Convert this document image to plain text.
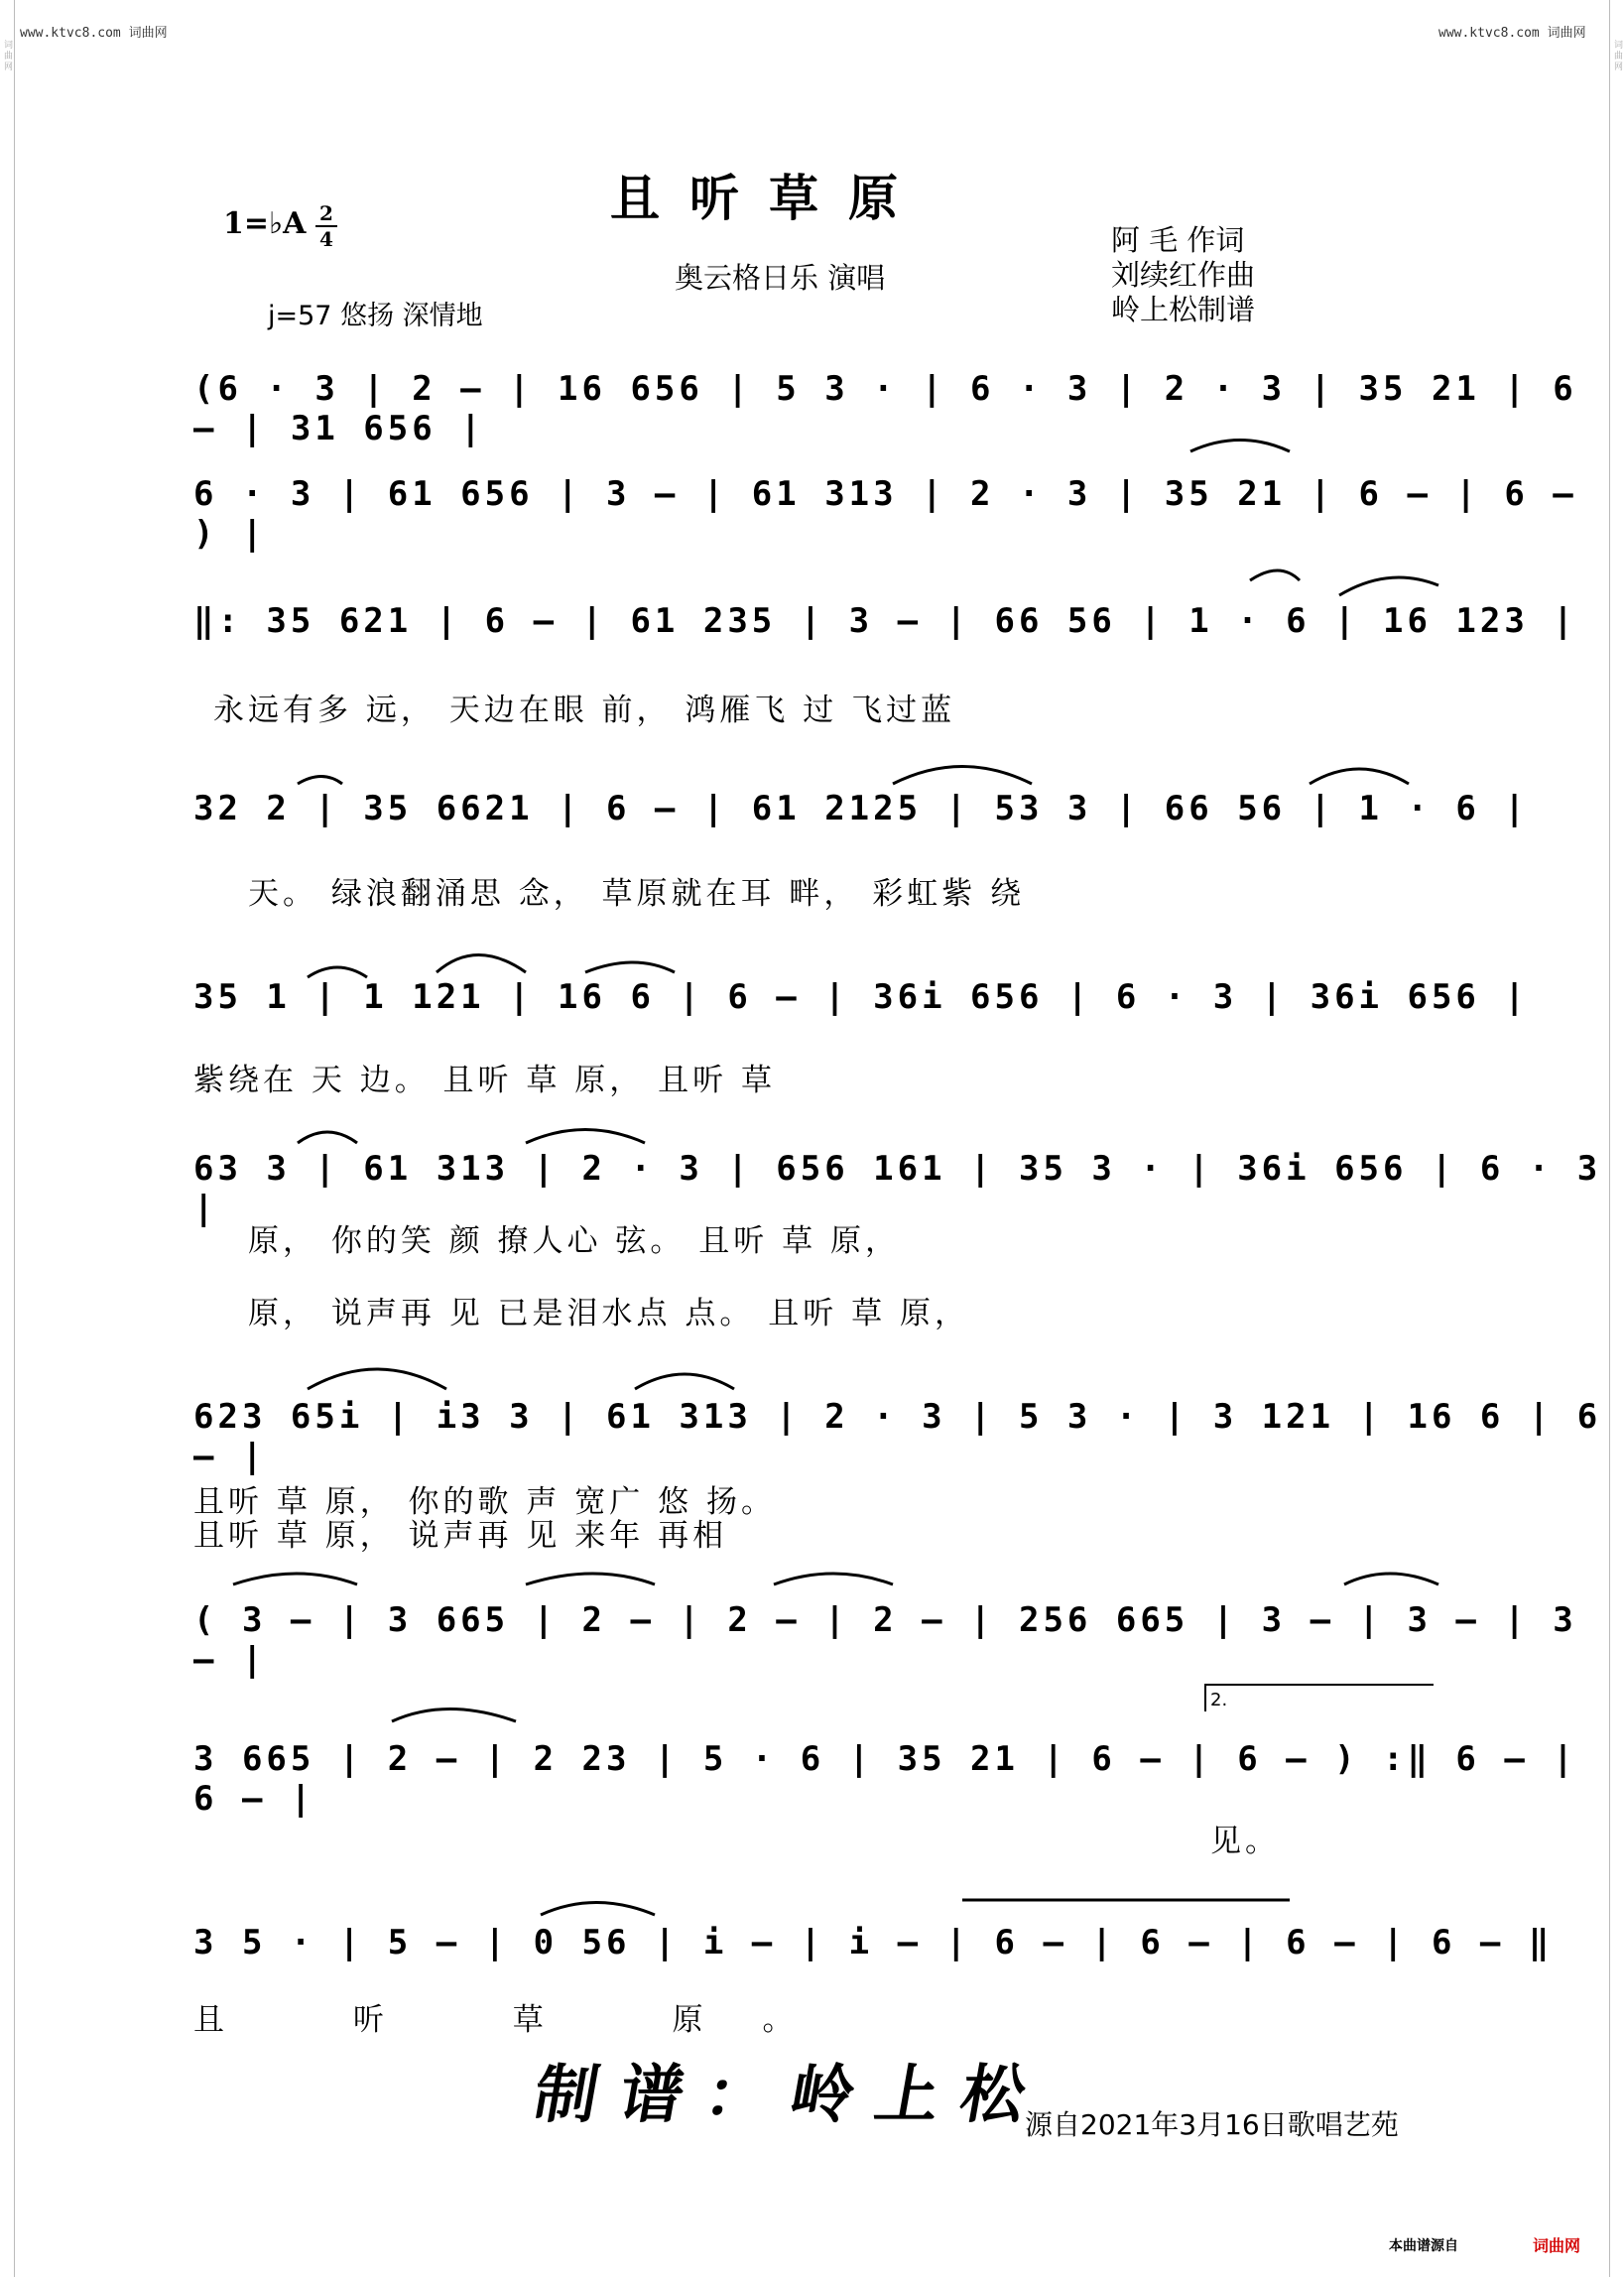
www.ktvc8.com 词曲网	www.ktvc8.com 词曲网
词曲网	词曲网
且听草原
1=♭A 2
4
奥云格日乐 演唱
阿 毛 作词
刘续红作曲
岭上松制谱
j=57 悠扬 深情地
(6 · 3 | 2 – | 16 656 | 5 3 · | 6 · 3 | 2 · 3 | 35 21 | 6 – | 31 656 |
6 · 3 | 61 656 | 3 – | 61 313 | 2 · 3 | 35 21 | 6 – | 6 – ) |
‖: 35 621 | 6 – | 61 235 | 3 – | 66 56 | 1 · 6 | 16 123 |
永远有多 远， 天边在眼 前， 鸿雁飞 过 飞过蓝
32 2 | 35 6621 | 6 – | 61 2125 | 53 3 | 66 56 | 1 · 6 |
天。 绿浪翻涌思 念， 草原就在耳 畔， 彩虹紫 绕
35 1 | 1 121 | 16 6 | 6 – | 36i 656 | 6 · 3 | 36i 656 |
紫绕在 天 边。 且听 草 原， 且听 草
63 3 | 61 313 | 2 · 3 | 656 161 | 35 3 · | 36i 656 | 6 · 3 |
原， 你的笑 颜 撩人心 弦。 且听 草 原，
原， 说声再 见 已是泪水点 点。 且听 草 原，
623 65i | i3 3 | 61 313 | 2 · 3 | 5 3 · | 3 121 | 16 6 | 6 – |
且听 草 原， 你的歌 声 宽广 悠 扬。
且听 草 原， 说声再 见 来年 再相
( 3 – | 3 665 | 2 – | 2 – | 2 – | 256 665 | 3 – | 3 – | 3 – |
3 665 | 2 – | 2 23 | 5 · 6 | 35 21 | 6 – | 6 – ) :‖ 6 – | 6 – |
2.
见。
3 5 · | 5 – | 0 56 | i – | i – | 6 – | 6 – | 6 – | 6 – ‖
且 听 草 原。
制谱：岭上松
源自2021年3月16日歌唱艺苑
本曲谱源自	词曲网
